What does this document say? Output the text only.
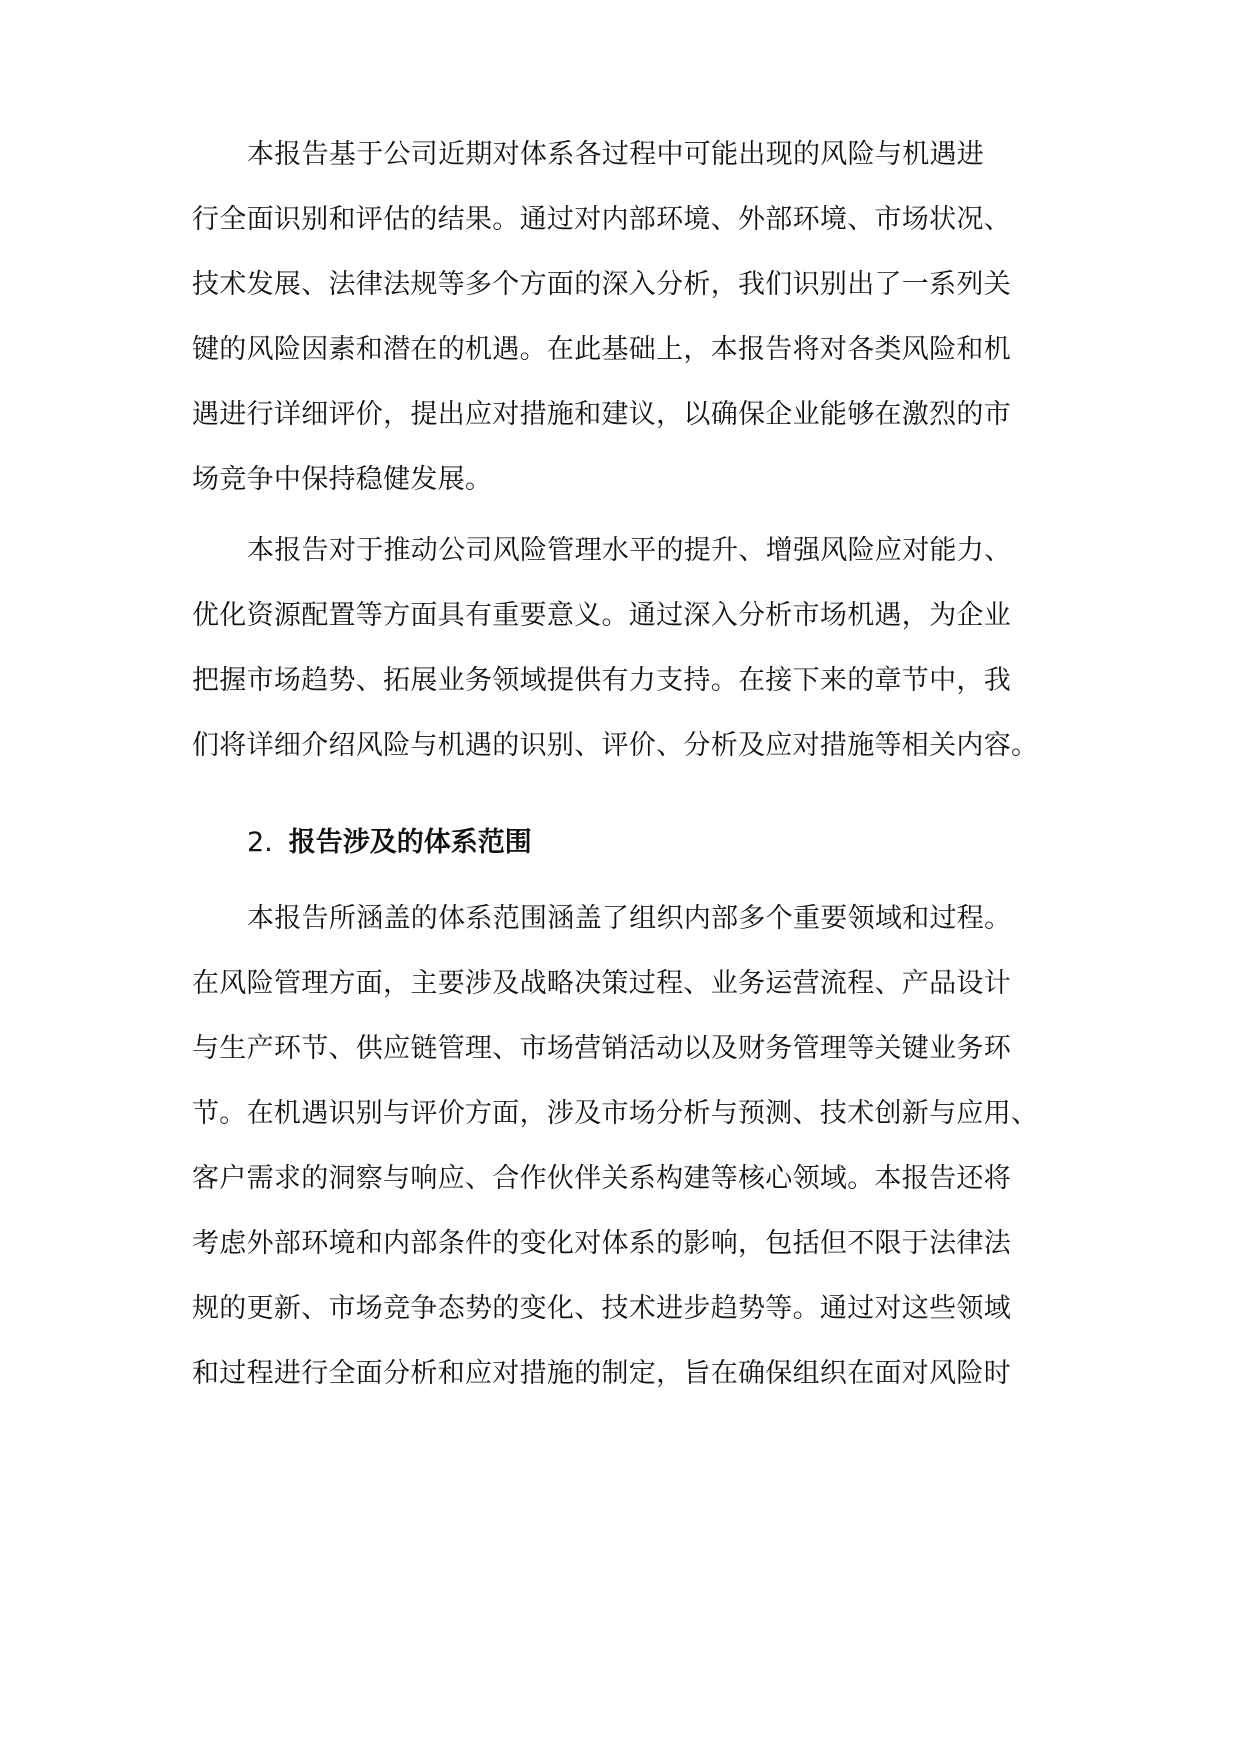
本报告基于公司近期对体系各过程中可能出现的风险与机遇进
行全面识别和评估的结果。通过对内部环境、外部环境、市场状况、
技术发展、法律法规等多个方面的深入分析，我们识别出了一系列关
键的风险因素和潜在的机遇。在此基础上，本报告将对各类风险和机
遇进行详细评价，提出应对措施和建议，以确保企业能够在激烈的市
场竞争中保持稳健发展。
本报告对于推动公司风险管理水平的提升、增强风险应对能力、
优化资源配置等方面具有重要意义。通过深入分析市场机遇，为企业
把握市场趋势、拓展业务领域提供有力支持。在接下来的章节中，我
们将详细介绍风险与机遇的识别、评价、分析及应对措施等相关内容。
2. 报告涉及的体系范围
本报告所涵盖的体系范围涵盖了组织内部多个重要领域和过程。
在风险管理方面，主要涉及战略决策过程、业务运营流程、产品设计
与生产环节、供应链管理、市场营销活动以及财务管理等关键业务环
节。在机遇识别与评价方面，涉及市场分析与预测、技术创新与应用、
客户需求的洞察与响应、合作伙伴关系构建等核心领域。本报告还将
考虑外部环境和内部条件的变化对体系的影响，包括但不限于法律法
规的更新、市场竞争态势的变化、技术进步趋势等。通过对这些领域
和过程进行全面分析和应对措施的制定，旨在确保组织在面对风险时
